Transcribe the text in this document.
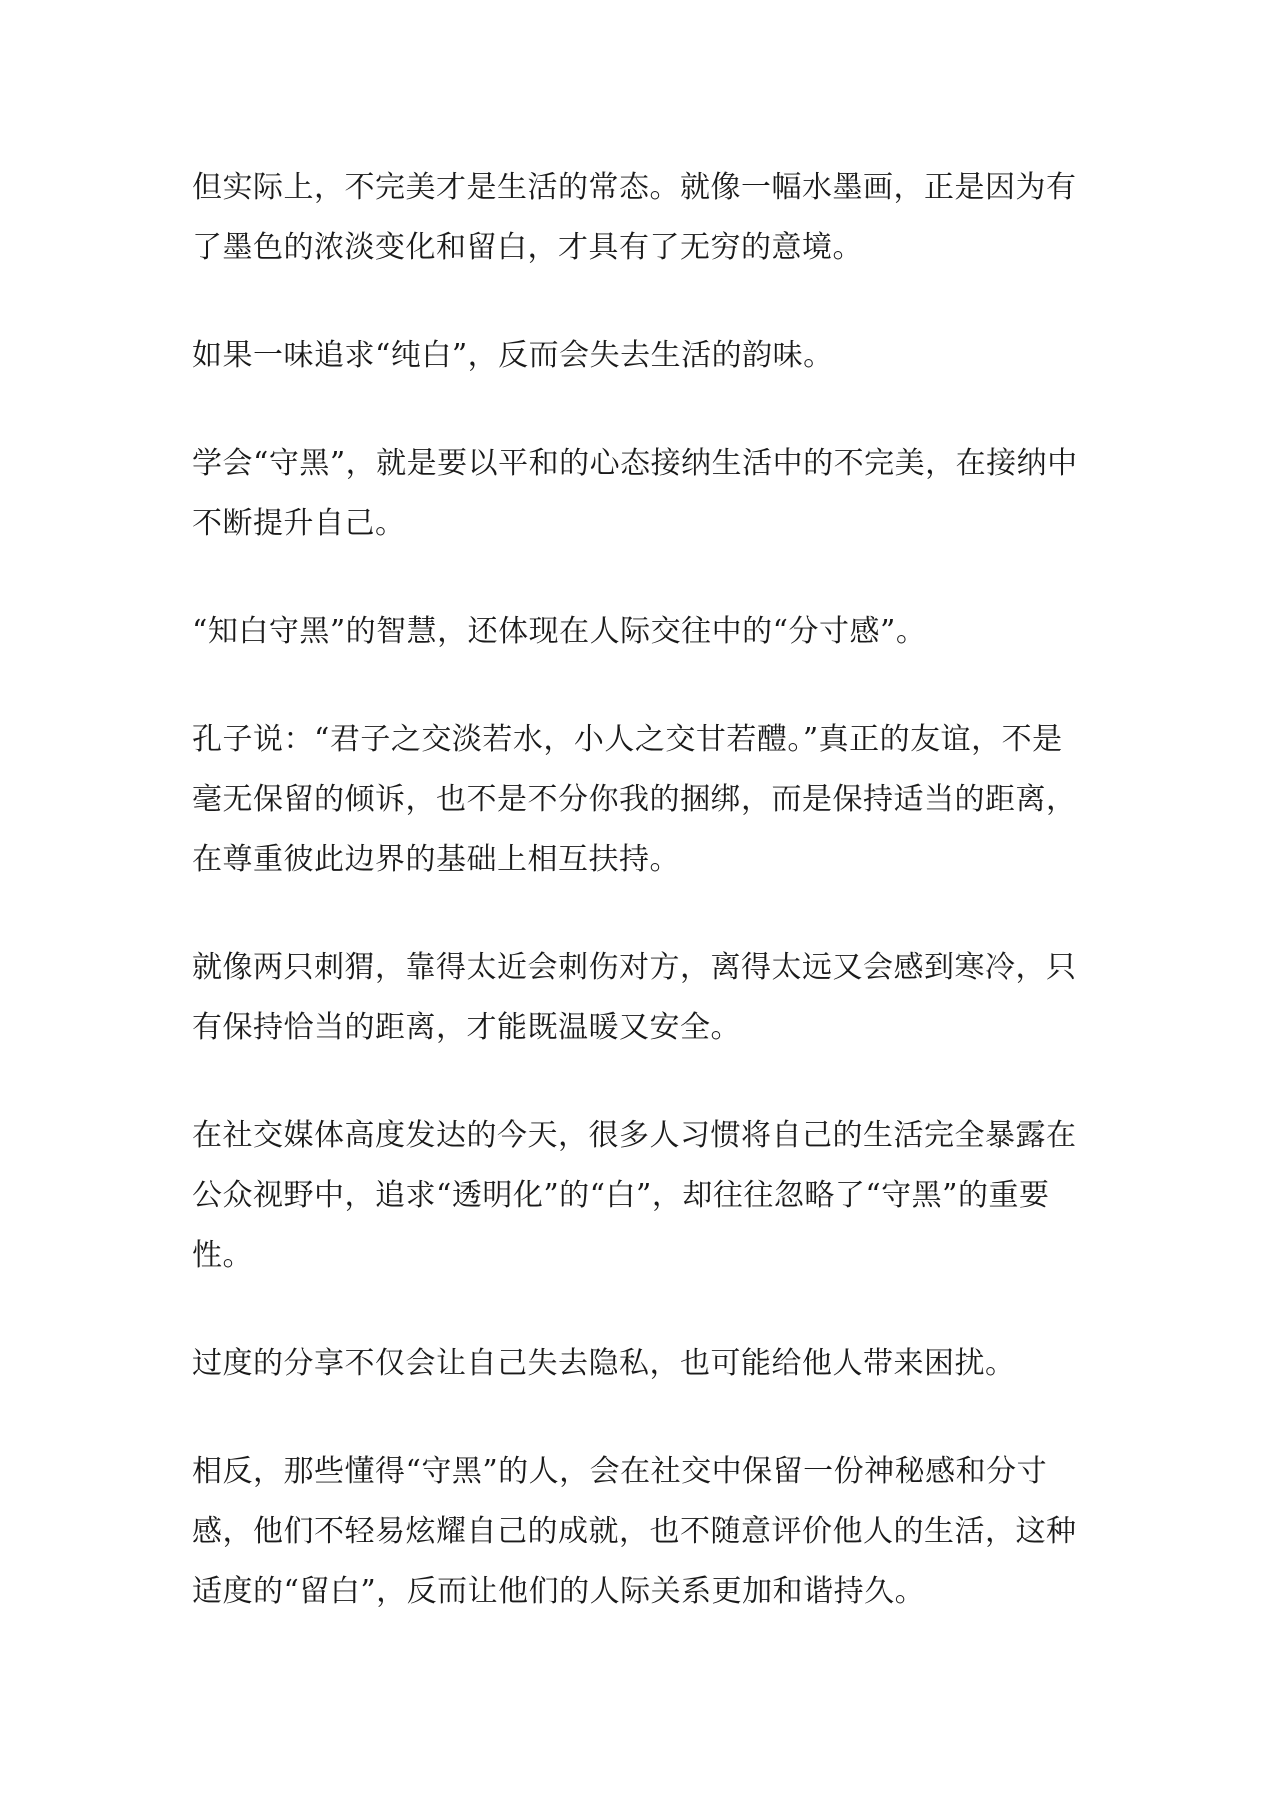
但实际上，不完美才是生活的常态。就像一幅水墨画，正是因为有了墨色的浓淡变化和留白，才具有了无穷的意境。

如果一味追求“纯白”，反而会失去生活的韵味。

学会“守黑”，就是要以平和的心态接纳生活中的不完美，在接纳中不断提升自己。

“知白守黑”的智慧，还体现在人际交往中的“分寸感”。

孔子说：“君子之交淡若水，小人之交甘若醴。”真正的友谊，不是毫无保留的倾诉，也不是不分你我的捆绑，而是保持适当的距离，在尊重彼此边界的基础上相互扶持。

就像两只刺猬，靠得太近会刺伤对方，离得太远又会感到寒冷，只有保持恰当的距离，才能既温暖又安全。

在社交媒体高度发达的今天，很多人习惯将自己的生活完全暴露在公众视野中，追求“透明化”的“白”，却往往忽略了“守黑”的重要性。

过度的分享不仅会让自己失去隐私，也可能给他人带来困扰。

相反，那些懂得“守黑”的人，会在社交中保留一份神秘感和分寸感，他们不轻易炫耀自己的成就，也不随意评价他人的生活，这种适度的“留白”，反而让他们的人际关系更加和谐持久。
